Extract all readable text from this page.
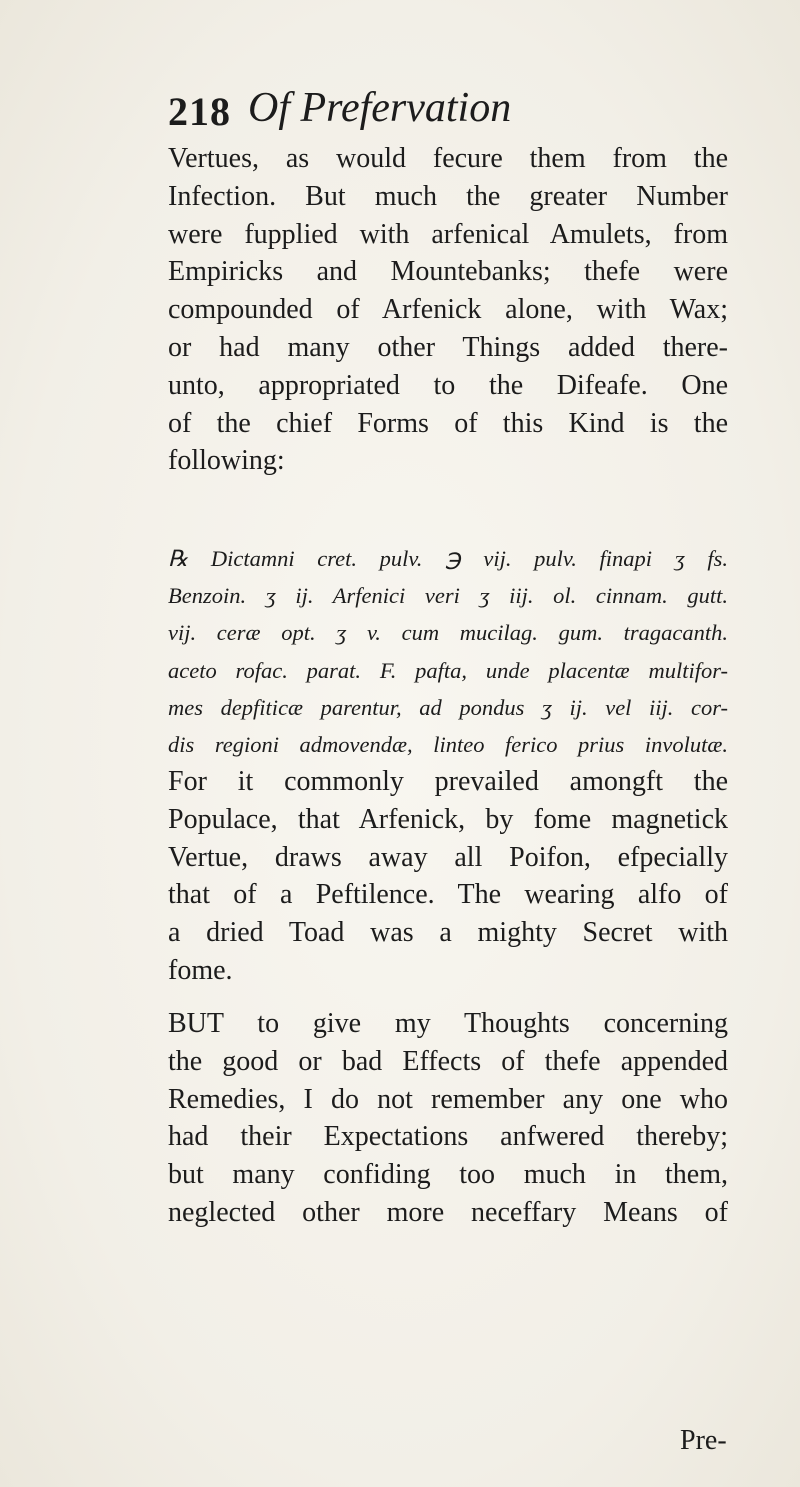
218 Of Prefervation
Vertues, as would fecure them from the
Infection. But much the greater Number
were fupplied with arfenical Amulets, from
Empiricks and Mountebanks; thefe were
compounded of Arfenick alone, with Wax;
or had many other Things added there-
unto, appropriated to the Difeafe. One
of the chief Forms of this Kind is the
following:
℞ Dictamni cret. pulv. ℈ vij. pulv. finapi ʒ fs.
Benzoin. ʒ ij. Arfenici veri ʒ iij. ol. cinnam. gutt.
vij. ceræ opt. ʒ v. cum mucilag. gum. tragacanth.
aceto rofac. parat. F. pafta, unde placentæ multifor-
mes depfiticæ parentur, ad pondus ʒ ij. vel iij. cor-
dis regioni admovendæ, linteo ferico prius involutæ.
For it commonly prevailed amongft the
Populace, that Arfenick, by fome magnetick
Vertue, draws away all Poifon, efpecially
that of a Peftilence. The wearing alfo of
a dried Toad was a mighty Secret with
fome.
BUT to give my Thoughts concerning
the good or bad Effects of thefe appended
Remedies, I do not remember any one who
had their Expectations anfwered thereby;
but many confiding too much in them,
neglected other more neceffary Means of
Pre-
